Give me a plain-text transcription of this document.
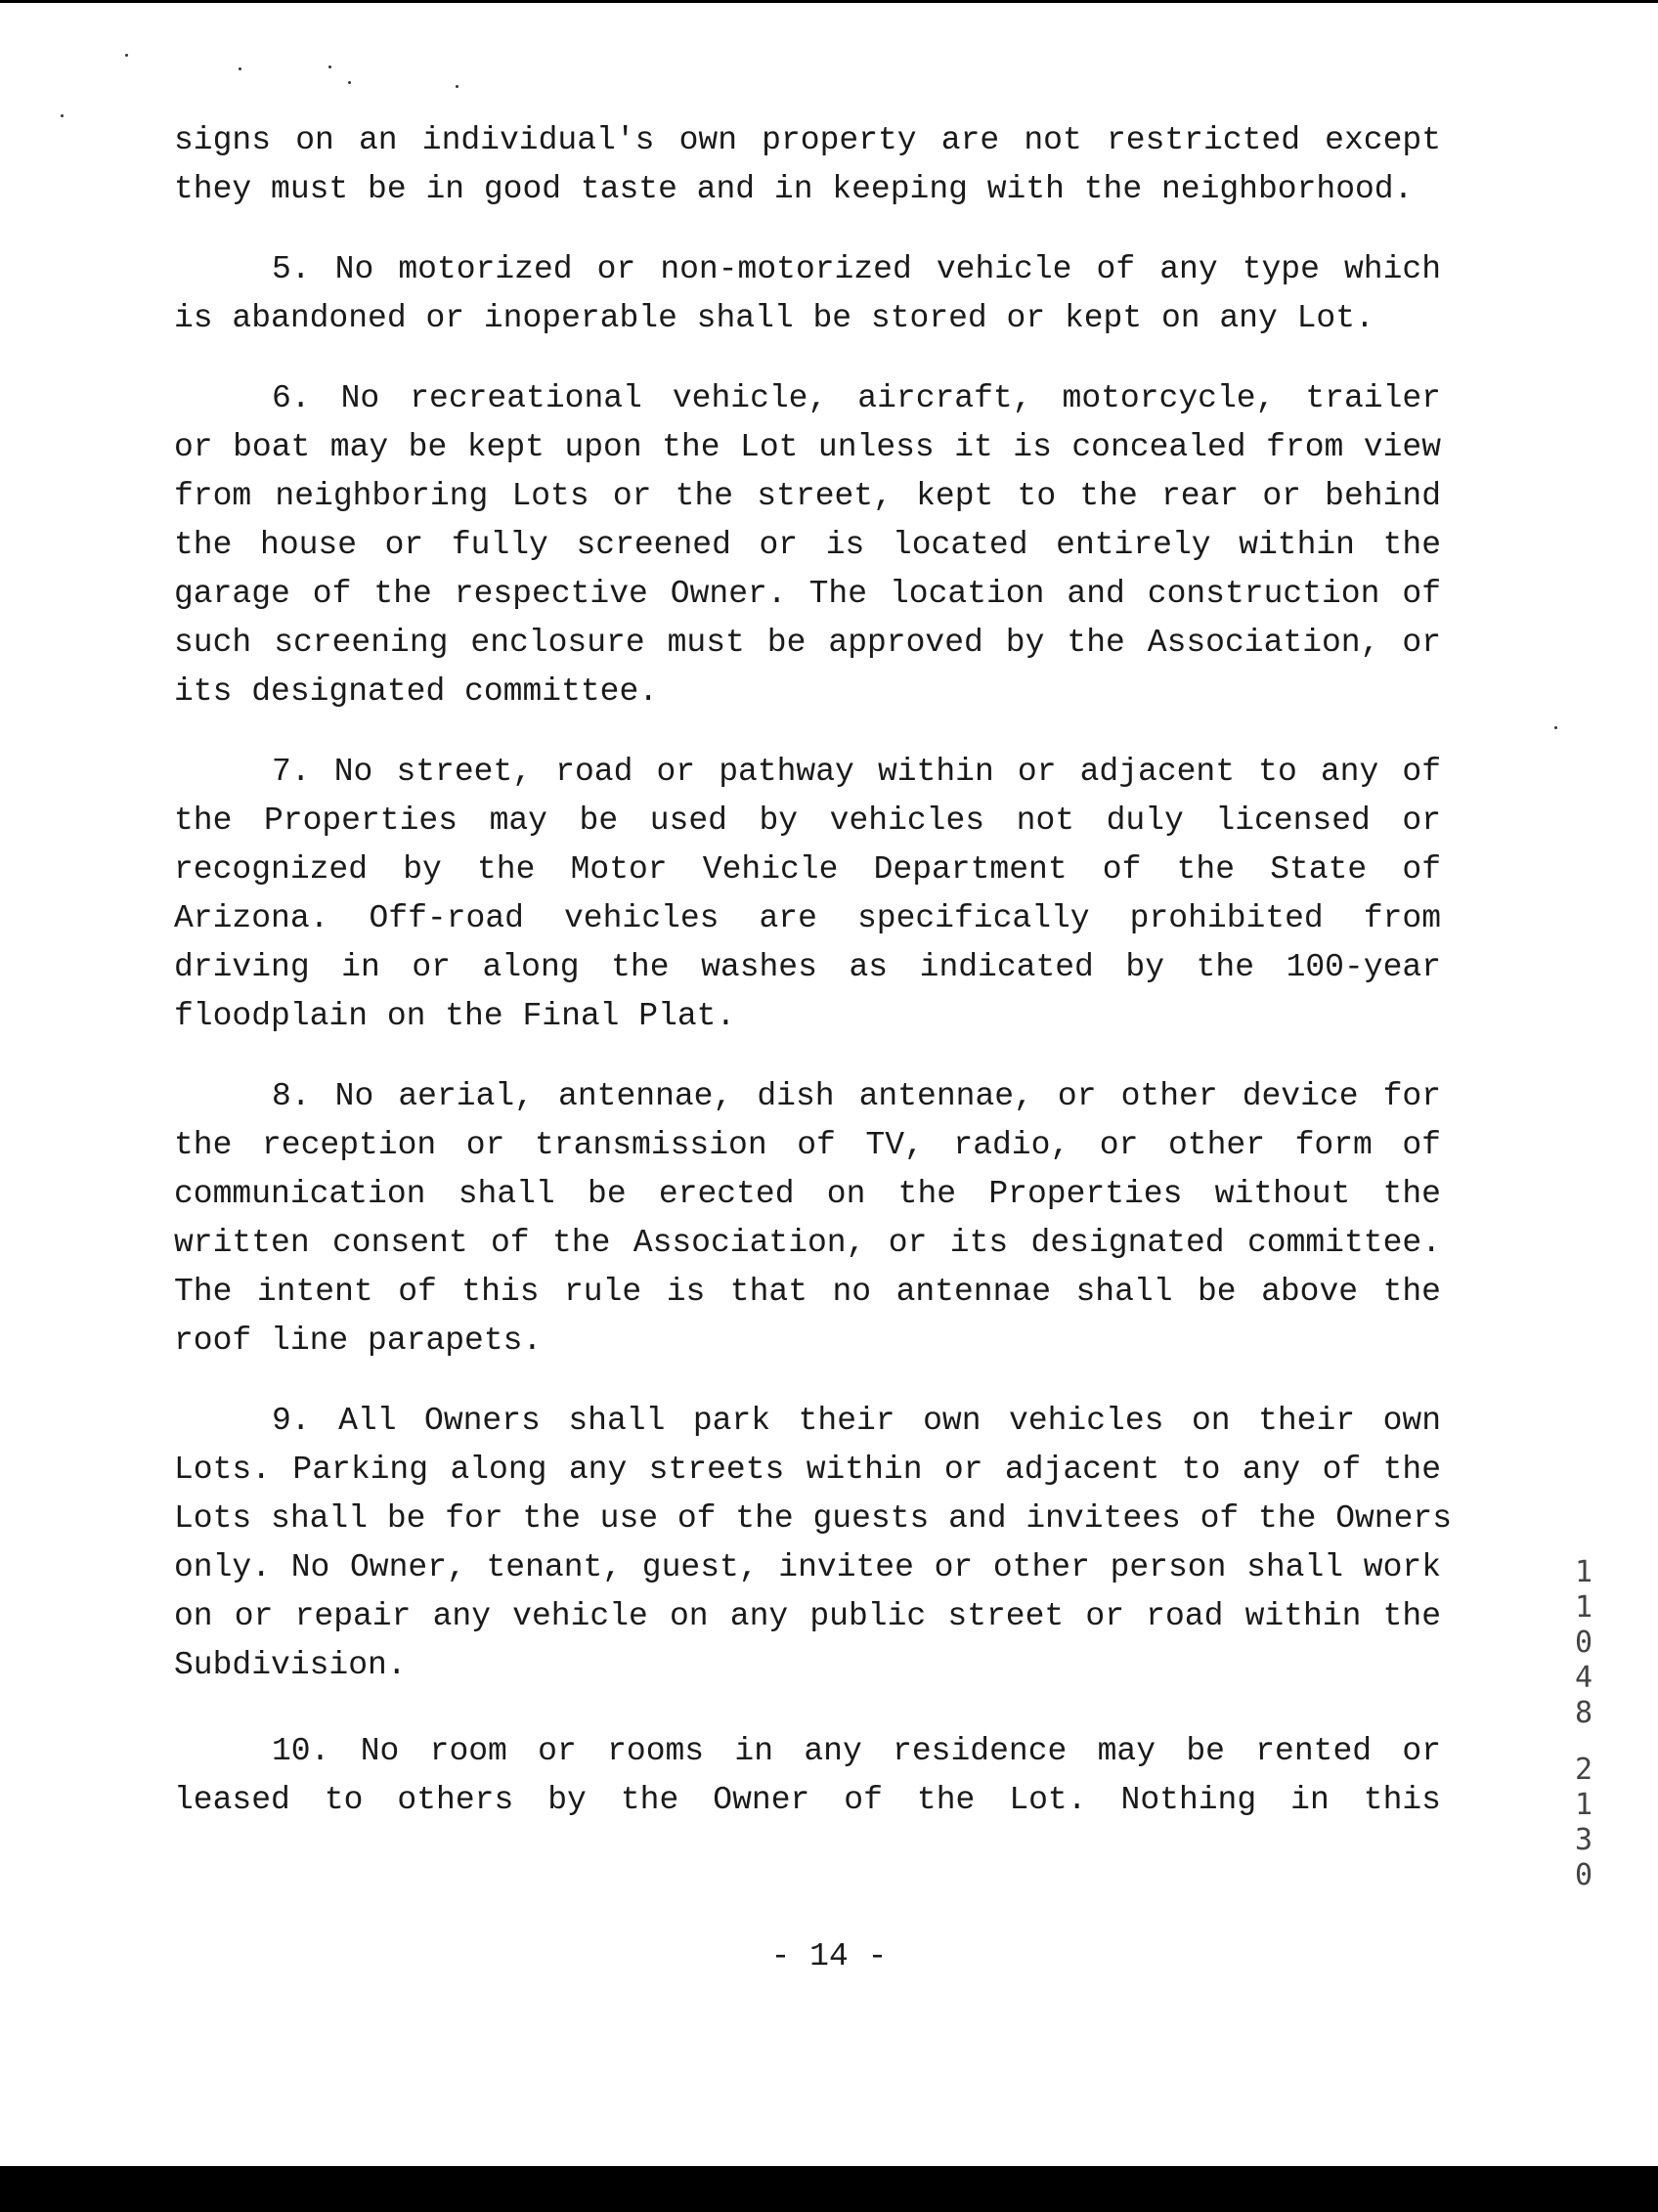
signs on an individual's own property are not restricted except
they must be in good taste and in keeping with the neighborhood.
5. No motorized or non-motorized vehicle of any type which
is abandoned or inoperable shall be stored or kept on any Lot.
6. No recreational vehicle, aircraft, motorcycle, trailer
or boat may be kept upon the Lot unless it is concealed from view
from neighboring Lots or the street, kept to the rear or behind
the house or fully screened or is located entirely within the
garage of the respective Owner. The location and construction of
such screening enclosure must be approved by the Association, or
its designated committee.
7. No street, road or pathway within or adjacent to any of
the Properties may be used by vehicles not duly licensed or
recognized by the Motor Vehicle Department of the State of
Arizona. Off-road vehicles are specifically prohibited from
driving in or along the washes as indicated by the 100-year
floodplain on the Final Plat.
8. No aerial, antennae, dish antennae, or other device for
the reception or transmission of TV, radio, or other form of
communication shall be erected on the Properties without the
written consent of the Association, or its designated committee.
The intent of this rule is that no antennae shall be above the
roof line parapets.
9. All Owners shall park their own vehicles on their own
Lots. Parking along any streets within or adjacent to any of the
Lots shall be for the use of the guests and invitees of the Owners
only. No Owner, tenant, guest, invitee or other person shall work
on or repair any vehicle on any public street or road within the
Subdivision.
10. No room or rooms in any residence may be rented or
leased to others by the Owner of the Lot. Nothing in this
- 14 -
1
1
0
4
8
2
1
3
0
